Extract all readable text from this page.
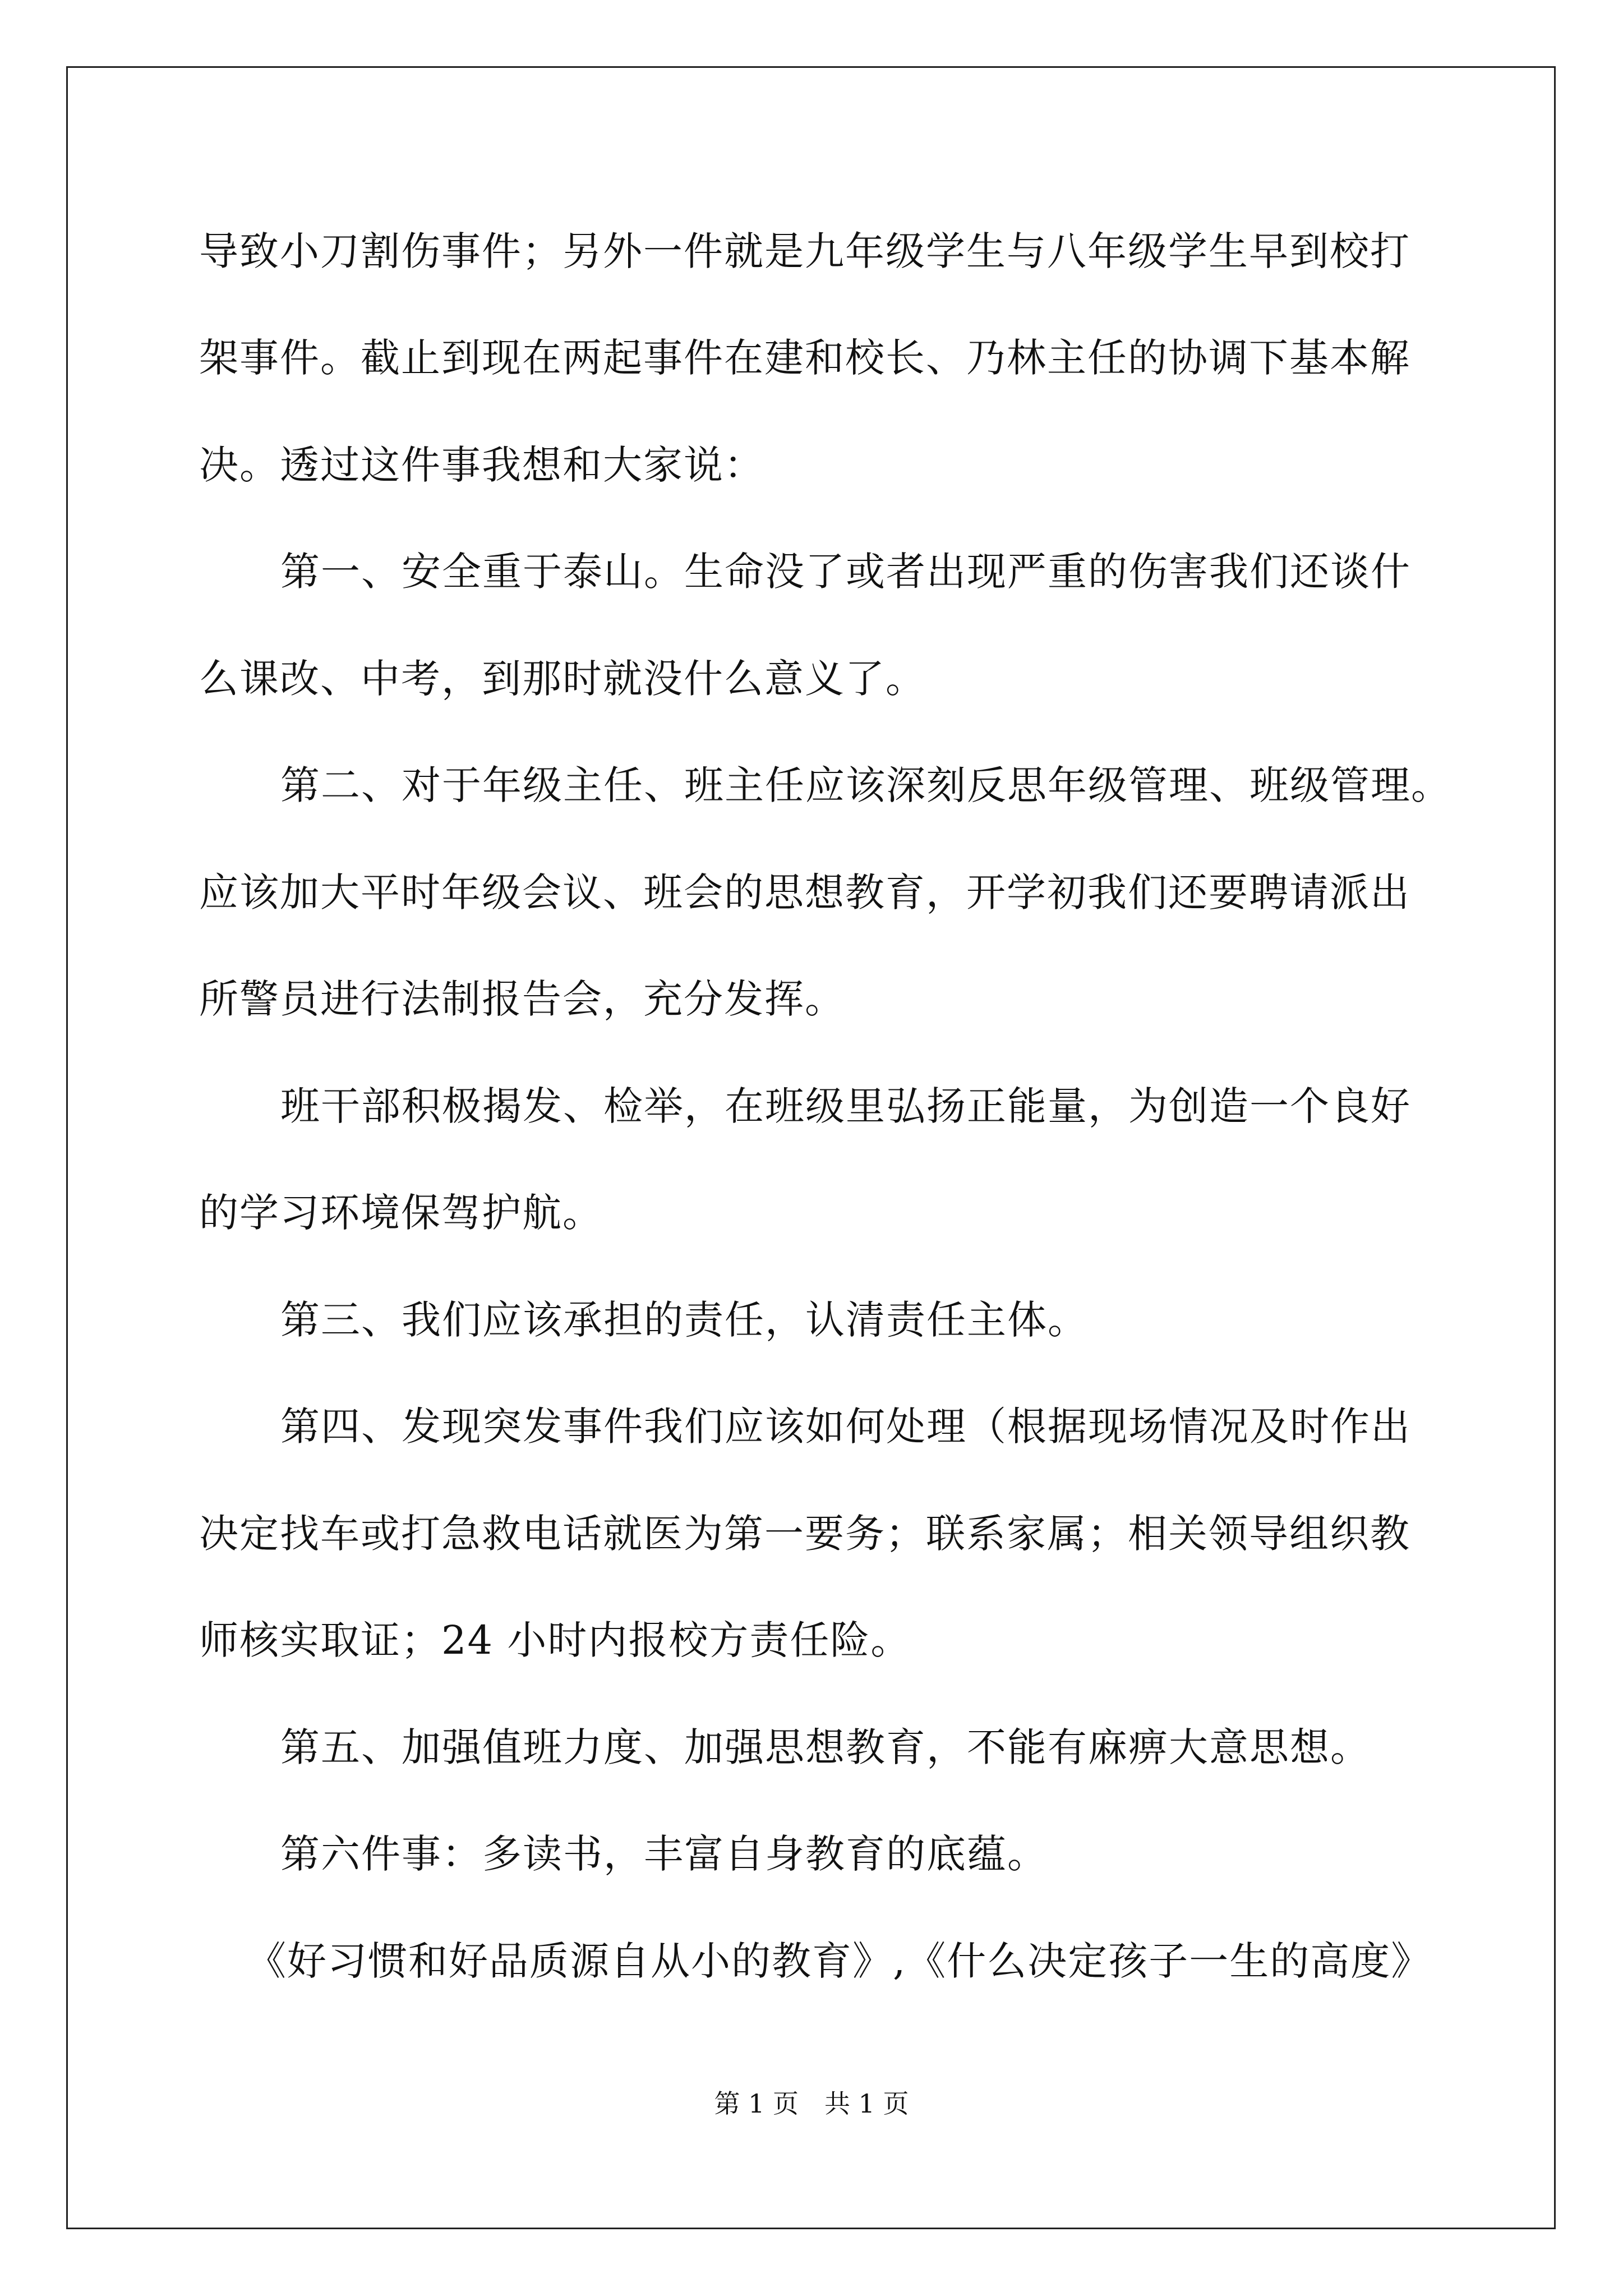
导致小刀割伤事件；另外一件就是九年级学生与八年级学生早到校打
架事件。截止到现在两起事件在建和校长、乃林主任的协调下基本解
决。透过这件事我想和大家说：
第一、安全重于泰山。生命没了或者出现严重的伤害我们还谈什
么课改、中考，到那时就没什么意义了。
第二、对于年级主任、班主任应该深刻反思年级管理、班级管理。
应该加大平时年级会议、班会的思想教育，开学初我们还要聘请派出
所警员进行法制报告会，充分发挥。
班干部积极揭发、检举，在班级里弘扬正能量，为创造一个良好
的学习环境保驾护航。
第三、我们应该承担的责任，认清责任主体。
第四、发现突发事件我们应该如何处理（根据现场情况及时作出
决定找车或打急救电话就医为第一要务；联系家属；相关领导组织教
师核实取证；24 小时内报校方责任险。
第五、加强值班力度、加强思想教育，不能有麻痹大意思想。
第六件事：多读书，丰富自身教育的底蕴。
《好习惯和好品质源自从小的教育》,《什么决定孩子一生的高度》
第 1 页　共 1 页
